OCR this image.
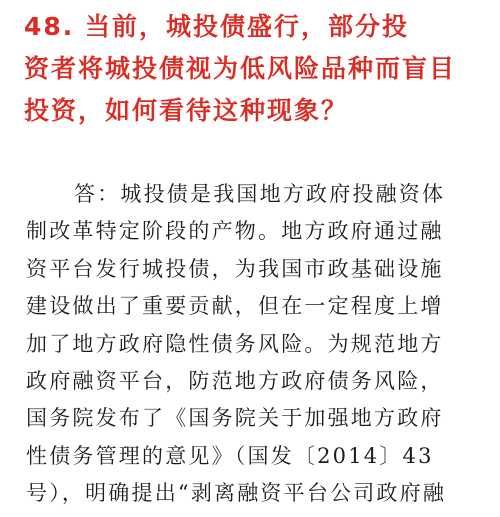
48. 当前，城投债盛行，部分投
资者将城投债视为低风险品种而盲目
投资，如何看待这种现象？

答：城投债是我国地方政府投融资体
制改革特定阶段的产物。地方政府通过融
资平台发行城投债，为我国市政基础设施
建设做出了重要贡献，但在一定程度上增
加了地方政府隐性债务风险。为规范地方
政府融资平台，防范地方政府债务风险，
国务院发布了《国务院关于加强地方政府
性债务管理的意见》（国发〔2014〕43
号），明确提出“剥离融资平台公司政府融
